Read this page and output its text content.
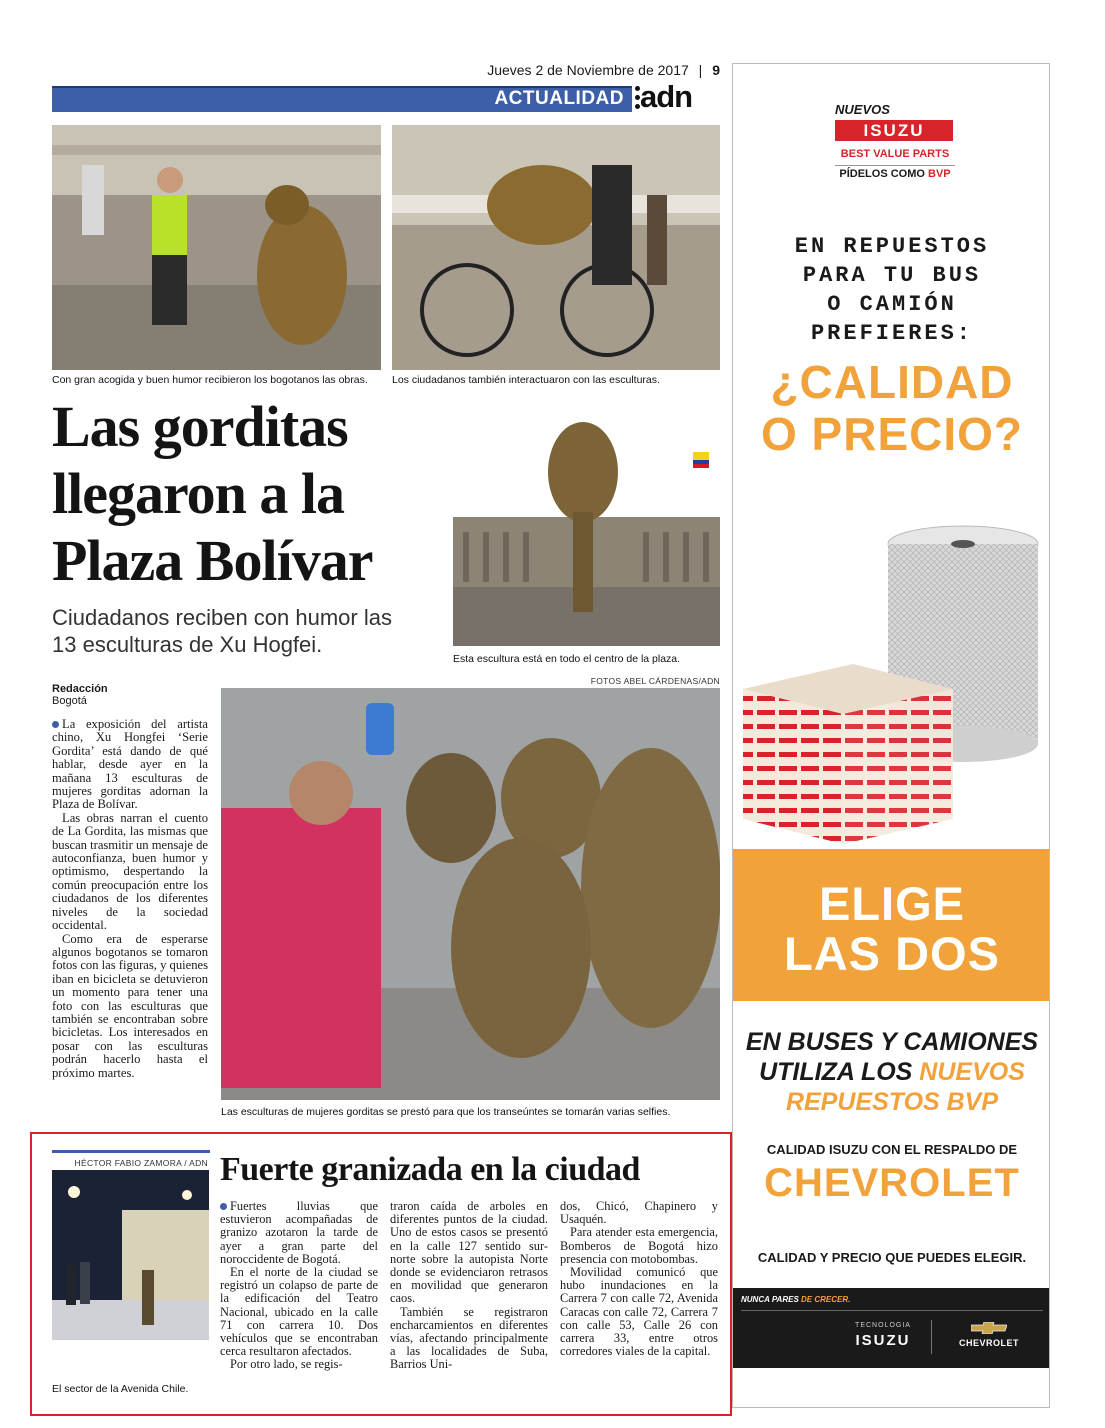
Jueves 2 de Noviembre de 2017 | 9
ACTUALIDAD adn
Con gran acogida y buen humor recibieron los bogotanos las obras.	Los ciudadanos también interactuaron con las esculturas.
Las gorditas
llegaron a la
Plaza Bolívar
Ciudadanos reciben con humor las 13 esculturas de Xu Hogfei.
Esta escultura está en todo el centro de la plaza.
Redacción
Bogotá

La exposición del artista chino, Xu Hongfei ‘Serie Gordita’ está dando de qué hablar, desde ayer en la mañana 13 esculturas de mujeres gorditas adornan la Plaza de Bolívar.

Las obras narran el cuento de La Gordita, las mismas que buscan trasmitir un mensaje de autoconfianza, buen humor y optimismo, despertando la común preocupación entre los ciudadanos de los diferentes niveles de la sociedad occidental.

Como era de esperarse algunos bogotanos se tomaron fotos con las figuras, y quienes iban en bicicleta se detuvieron un momento para tener una foto con las esculturas que también se encontraban sobre bicicletas. Los interesados en posar con las esculturas podrán hacerlo hasta el próximo martes.

FOTOS ABEL CÁRDENAS/ADN
Las esculturas de mujeres gorditas se prestó para que los transeúntes se tomarán varias selfies.
HÉCTOR FABIO ZAMORA / ADN
El sector de la Avenida Chile.
Fuerte granizada en la ciudad

Fuertes lluvias que estuvieron acompañadas de granizo azotaron la tarde de ayer a gran parte del noroccidente de Bogotá.

En el norte de la ciudad se registró un colapso de parte de la edificación del Teatro Nacional, ubicado en la calle 71 con carrera 10. Dos vehículos que se encontraban cerca resultaron afectados.

Por otro lado, se regis-

traron caída de arboles en diferentes puntos de la ciudad. Uno de estos casos se presentó en la calle 127 sentido sur-norte sobre la autopista Norte donde se evidenciaron retrasos en movilidad que generaron caos.

También se registraron encharcamientos en diferentes vías, afectando principalmente a las localidades de Suba, Barrios Uni-

dos, Chicó, Chapinero y Usaquén.

Para atender esta emergencia, Bomberos de Bogotá hizo presencia con motobombas.

Movilidad comunicó que hubo inundaciones en la Carrera 7 con calle 72, Avenida Caracas con calle 72, Carrera 7 con calle 53, Calle 26 con carrera 33, entre otros corredores viales de la capital.

NUEVOS
ISUZU
BEST VALUE PARTS
PÍDELOS COMO BVP
EN REPUESTOS
PARA TU BUS
O CAMIÓN
PREFIERES:
¿CALIDAD
O PRECIO?
ELIGE
LAS DOS
EN BUSES Y CAMIONES
UTILIZA LOS NUEVOS
REPUESTOS BVP
CALIDAD ISUZU CON EL RESPALDO DE
CHEVROLET
CALIDAD Y PRECIO QUE PUEDES ELEGIR.
NUNCA PARES DE CRECER.
TECNOLOGIA
ISUZU	CHEVROLET
